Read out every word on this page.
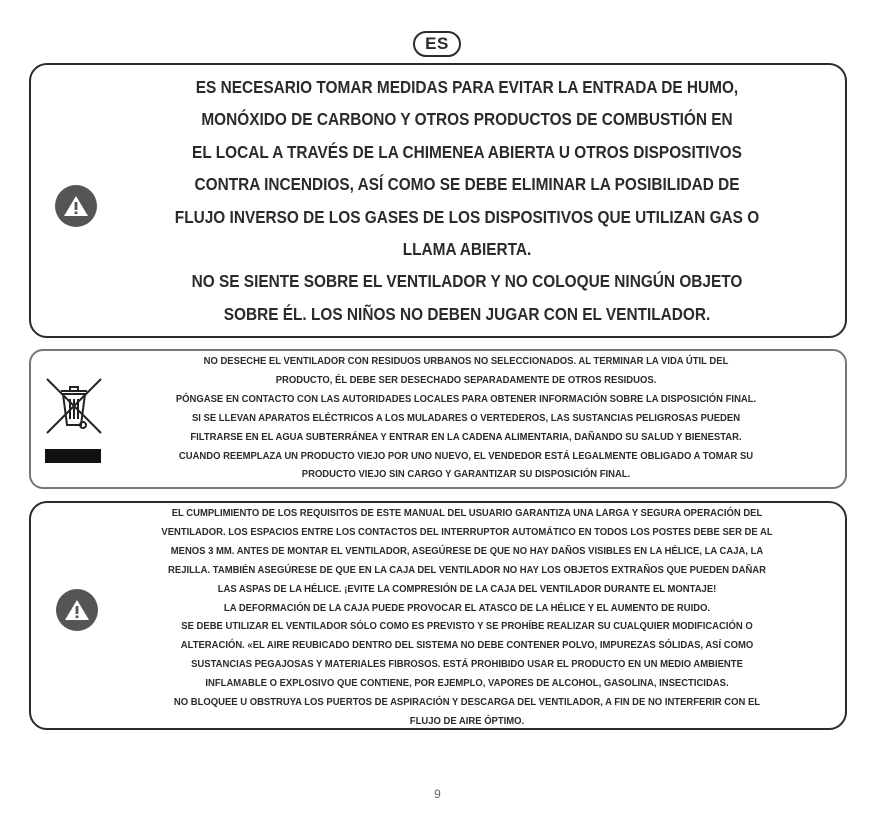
ES
ES NECESARIO TOMAR MEDIDAS PARA EVITAR LA ENTRADA DE HUMO,
MONÓXIDO DE CARBONO Y OTROS PRODUCTOS DE COMBUSTIÓN EN
EL LOCAL A TRAVÉS DE LA CHIMENEA ABIERTA U OTROS DISPOSITIVOS
CONTRA INCENDIOS, ASÍ COMO SE DEBE ELIMINAR LA POSIBILIDAD DE
FLUJO INVERSO DE LOS GASES DE LOS DISPOSITIVOS QUE UTILIZAN GAS O
LLAMA ABIERTA.
NO SE SIENTE SOBRE EL VENTILADOR Y NO COLOQUE NINGÚN OBJETO
SOBRE ÉL. LOS NIÑOS NO DEBEN JUGAR CON EL VENTILADOR.
NO DESECHE EL VENTILADOR CON RESIDUOS URBANOS NO SELECCIONADOS. AL TERMINAR LA VIDA ÚTIL DEL
PRODUCTO, ÉL DEBE SER DESECHADO SEPARADAMENTE DE OTROS RESIDUOS.
PÓNGASE EN CONTACTO CON LAS AUTORIDADES LOCALES PARA OBTENER INFORMACIÓN SOBRE LA DISPOSICIÓN FINAL.
SI SE LLEVAN APARATOS ELÉCTRICOS A LOS MULADARES O VERTEDEROS, LAS SUSTANCIAS PELIGROSAS PUEDEN
FILTRARSE EN EL AGUA SUBTERRÁNEA Y ENTRAR EN LA CADENA ALIMENTARIA, DAÑANDO SU SALUD Y BIENESTAR.
CUANDO REEMPLAZA UN PRODUCTO VIEJO POR UNO NUEVO, EL VENDEDOR ESTÁ LEGALMENTE OBLIGADO A TOMAR SU
PRODUCTO VIEJO SIN CARGO Y GARANTIZAR SU DISPOSICIÓN FINAL.
EL CUMPLIMIENTO DE LOS REQUISITOS DE ESTE MANUAL DEL USUARIO GARANTIZA UNA LARGA Y SEGURA OPERACIÓN DEL
VENTILADOR. LOS ESPACIOS ENTRE LOS CONTACTOS DEL INTERRUPTOR AUTOMÁTICO EN TODOS LOS POSTES DEBE SER DE AL
MENOS 3 MM. ANTES DE MONTAR EL VENTILADOR, ASEGÚRESE DE QUE NO HAY DAÑOS VISIBLES EN LA HÉLICE, LA CAJA, LA
REJILLA. TAMBIÉN ASEGÚRESE DE QUE EN LA CAJA DEL VENTILADOR NO HAY LOS OBJETOS EXTRAÑOS QUE PUEDEN DAÑAR
LAS ASPAS DE LA HÉLICE. ¡EVITE LA COMPRESIÓN DE LA CAJA DEL VENTILADOR DURANTE EL MONTAJE!
LA DEFORMACIÓN DE LA CAJA PUEDE PROVOCAR EL ATASCO DE LA HÉLICE Y EL AUMENTO DE RUIDO.
SE DEBE UTILIZAR EL VENTILADOR SÓLO COMO ES PREVISTO Y SE PROHÍBE REALIZAR SU CUALQUIER MODIFICACIÓN O
ALTERACIÓN. «EL AIRE REUBICADO DENTRO DEL SISTEMA NO DEBE CONTENER POLVO, IMPUREZAS SÓLIDAS, ASÍ COMO
SUSTANCIAS PEGAJOSAS Y MATERIALES FIBROSOS. ESTÁ PROHIBIDO USAR EL PRODUCTO EN UN MEDIO AMBIENTE
INFLAMABLE O EXPLOSIVO QUE CONTIENE, POR EJEMPLO, VAPORES DE ALCOHOL, GASOLINA, INSECTICIDAS.
NO BLOQUEE U OBSTRUYA LOS PUERTOS DE ASPIRACIÓN Y DESCARGA DEL VENTILADOR, A FIN DE NO INTERFERIR CON EL
FLUJO DE AIRE ÓPTIMO.
9
